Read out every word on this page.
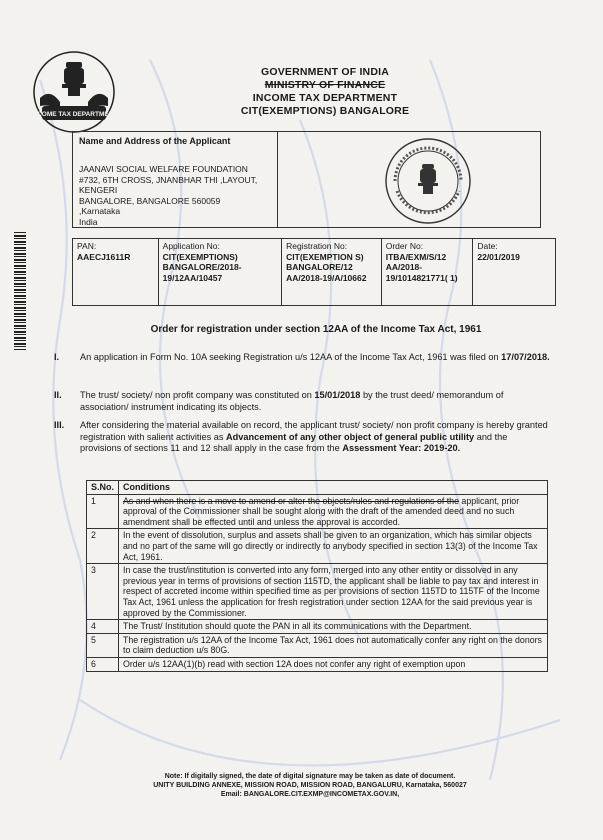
INCOME TAX DEPARTMENT
GOVERNMENT OF INDIA
MINISTRY OF FINANCE
INCOME TAX DEPARTMENT
CIT(EXEMPTIONS) BANGALORE
Name and Address of the Applicant
JAANAVI SOCIAL WELFARE FOUNDATION
#732, 6TH CROSS, JNANBHAR THI ,LAYOUT,
KENGERI
BANGALORE, BANGALORE 560059
,Karnataka
India
PAN:
AAECJ1611R
Application No:
CIT(EXEMPTIONS) BANGALORE/2018-19/12AA/10457
Registration No:
CIT(EXEMPTION S) BANGALORE/12 AA/2018-19/A/10662
Order No:
ITBA/EXM/S/12 AA/2018-19/1014821771( 1)
Date:
22/01/2019
Order for registration under section 12AA of the Income Tax Act, 1961
I. An application in Form No. 10A seeking Registration u/s 12AA of the Income Tax Act, 1961 was filed on 17/07/2018.
II. The trust/ society/ non profit company was constituted on 15/01/2018 by the trust deed/ memorandum of association/ instrument indicating its objects.
III. After considering the material available on record, the applicant trust/ society/ non profit company is hereby granted registration with salient activities as Advancement of any other object of general public utility and the provisions of sections 11 and 12 shall apply in the case from the Assessment Year: 2019-20.
S.No.	Conditions
1	As and when there is a move to amend or alter the objects/rules and regulations of the applicant, prior approval of the Commissioner shall be sought along with the draft of the amended deed and no such amendment shall be effected until and unless the approval is accorded.
2	In the event of dissolution, surplus and assets shall be given to an organization, which has similar objects and no part of the same will go directly or indirectly to anybody specified in section 13(3) of the Income Tax Act, 1961.
3	In case the trust/institution is converted into any form, merged into any other entity or dissolved in any previous year in terms of provisions of section 115TD, the applicant shall be liable to pay tax and interest in respect of accreted income within specified time as per provisions of section 115TD to 115TF of the Income Tax Act, 1961 unless the application for fresh registration under section 12AA for the said previous year is approved by the Commissioner.
4	The Trust/ Institution should quote the PAN in all its communications with the Department.
5	The registration u/s 12AA of the Income Tax Act, 1961 does not automatically confer any right on the donors to claim deduction u/s 80G.
6	Order u/s 12AA(1)(b) read with section 12A does not confer any right of exemption upon
Note: If digitally signed, the date of digital signature may be taken as date of document.
UNITY BUILDING ANNEXE, MISSION ROAD, MISSION ROAD, BANGALURU, Karnataka, 560027
Email: BANGALORE.CIT.EXMP@INCOMETAX.GOV.IN,
